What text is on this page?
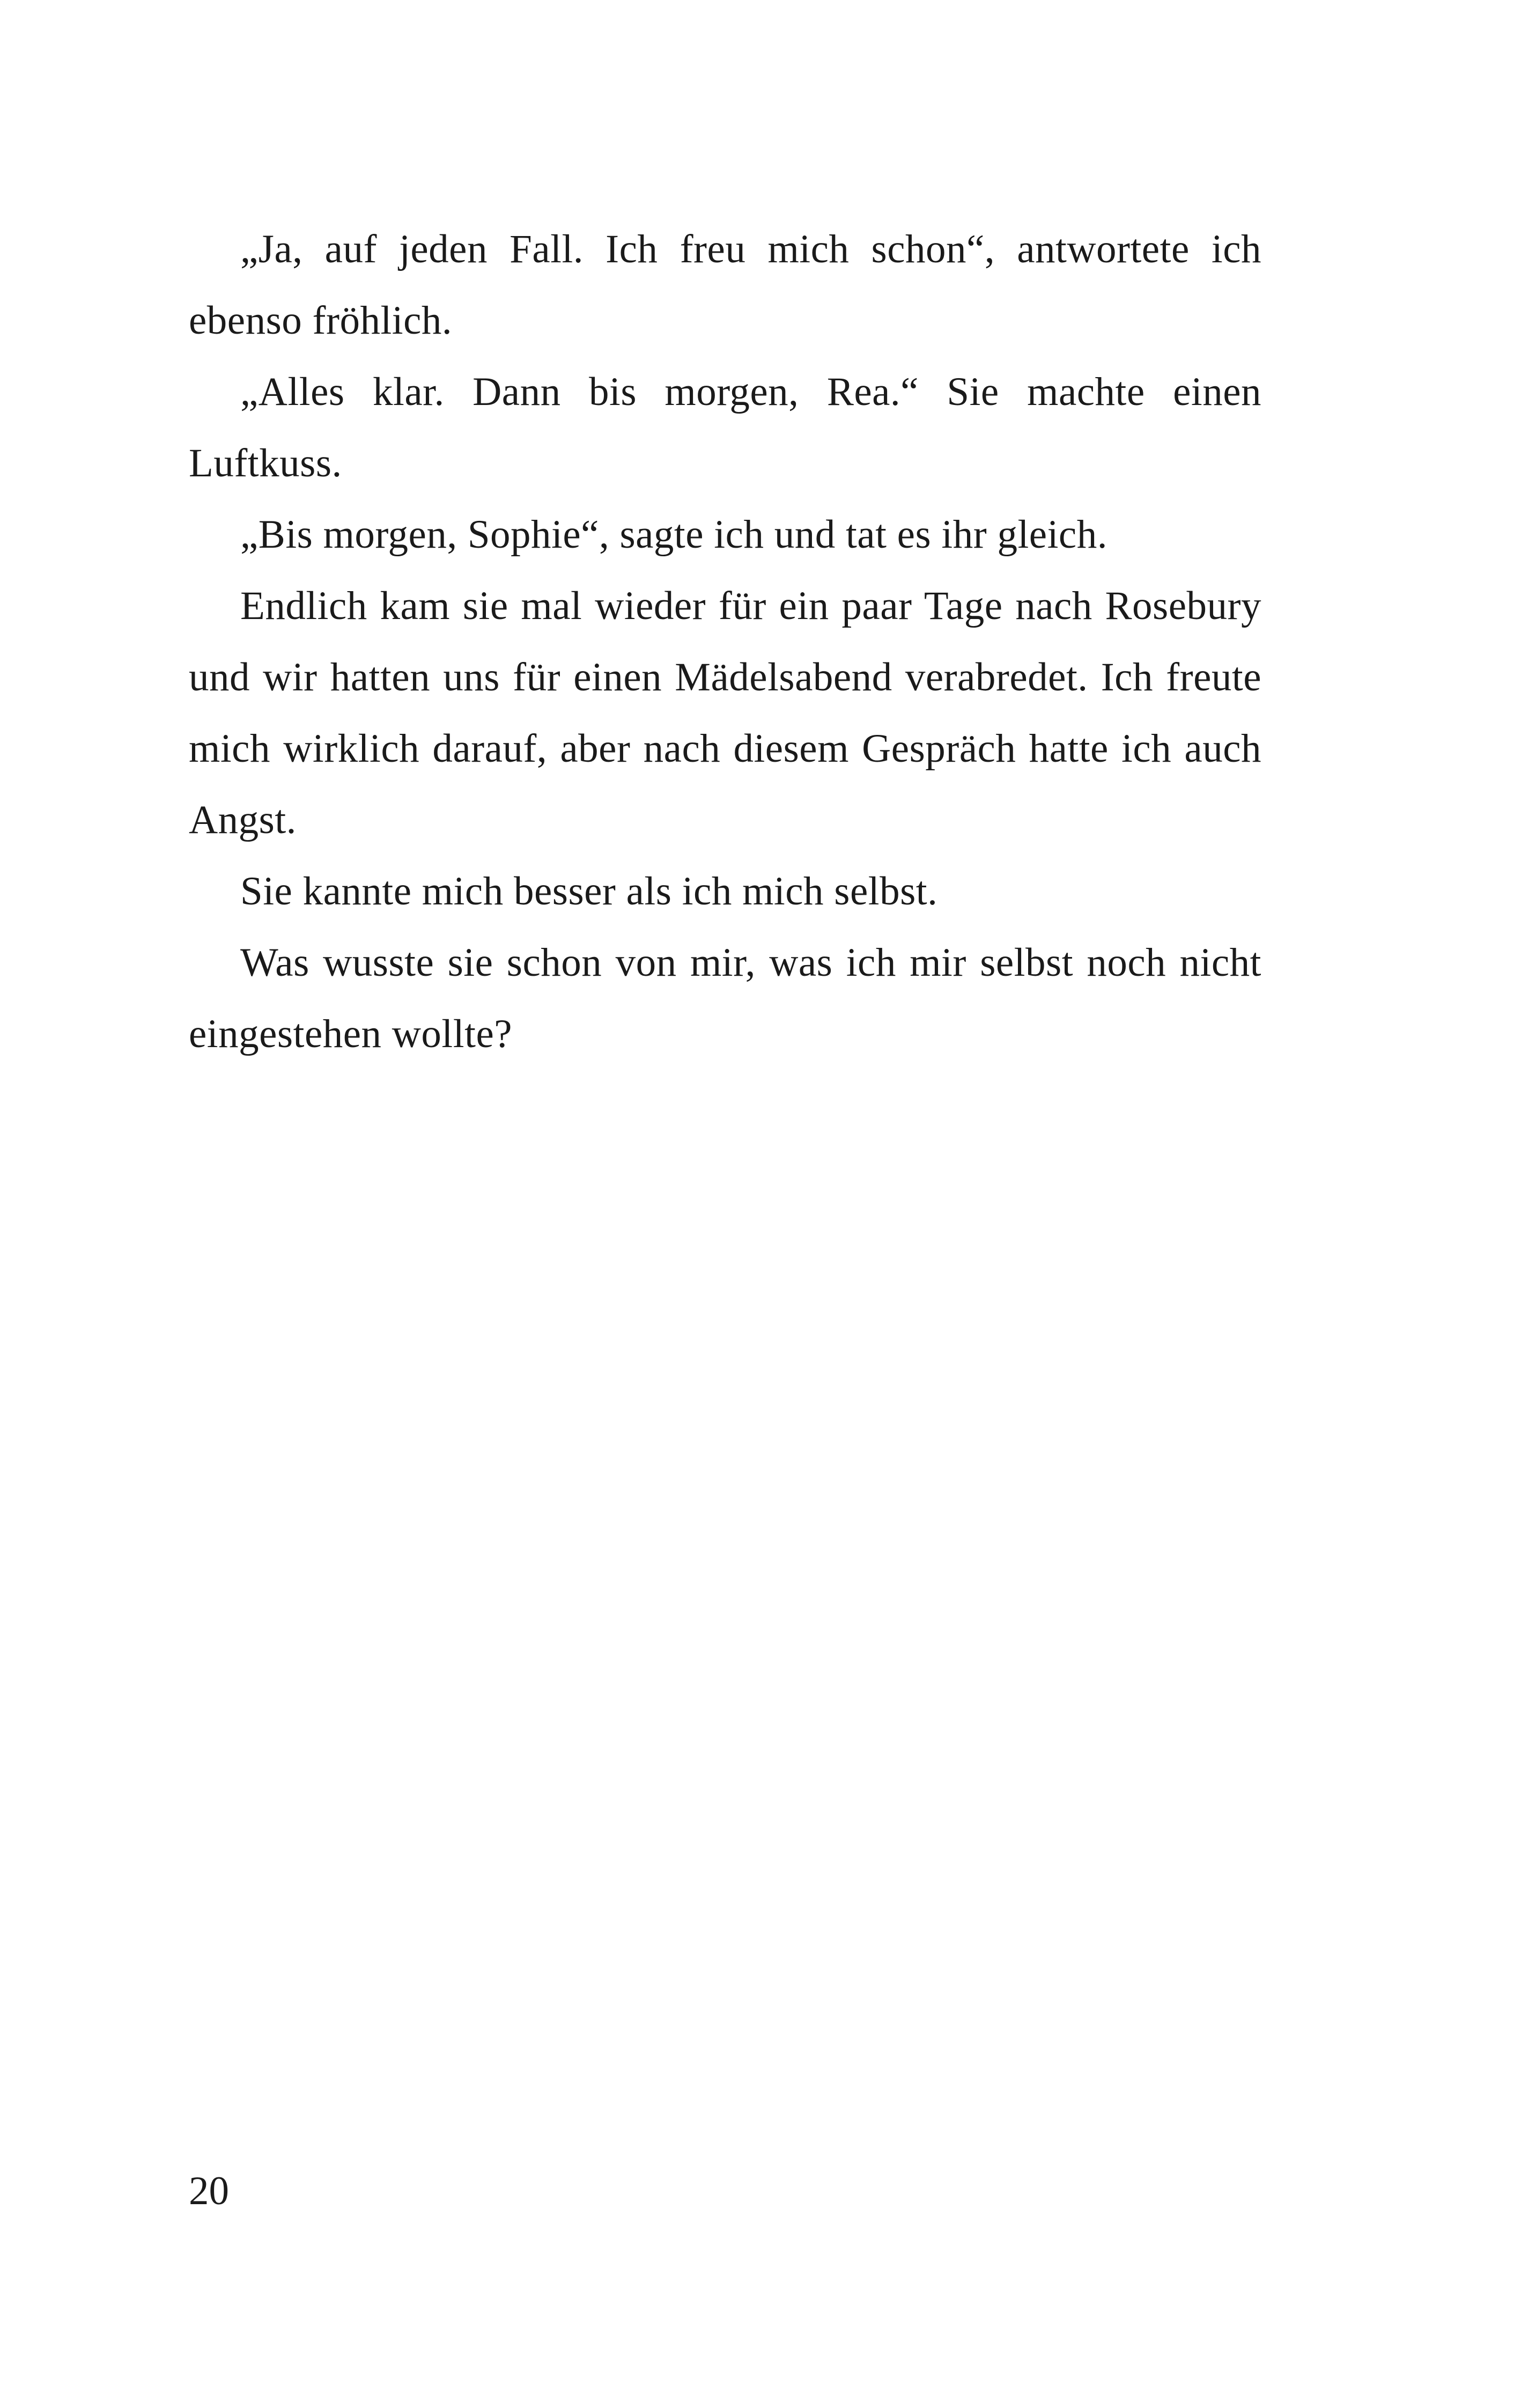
„Ja, auf jeden Fall. Ich freu mich schon“, antwortete ich ebenso fröhlich.

„Alles klar. Dann bis morgen, Rea.“ Sie machte einen Luftkuss.

„Bis morgen, Sophie“, sagte ich und tat es ihr gleich.

Endlich kam sie mal wieder für ein paar Tage nach Rosebury und wir hatten uns für einen Mädelsabend verabredet. Ich freute mich wirklich darauf, aber nach diesem Gespräch hatte ich auch Angst.

Sie kannte mich besser als ich mich selbst.

Was wusste sie schon von mir, was ich mir selbst noch nicht eingestehen wollte?

20
